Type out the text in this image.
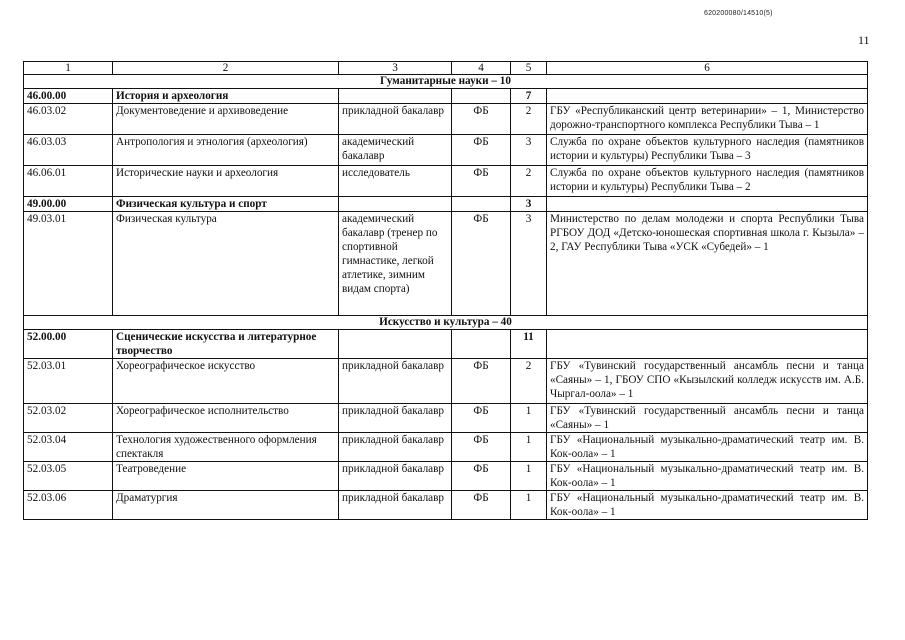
620200080/14510(5)
11
1	2	3	4	5	6
Гуманитарные науки – 10					
46.00.00	История и археология			7	
46.03.02	Документоведение и архивоведение	прикладной бакалавр	ФБ	2	ГБУ «Республиканский центр ветеринарии» – 1, Министерство дорожно-транспортного комплекса Республики Тыва – 1
46.03.03	Антропология и этнология (археология)	академический бакалавр	ФБ	3	Служба по охране объектов культурного наследия (памятников истории и культуры) Республики Тыва – 3
46.06.01	Исторические науки и археология	исследователь	ФБ	2	Служба по охране объектов культурного наследия (памятников истории и культуры) Республики Тыва – 2
49.00.00	Физическая культура и спорт			3	
49.03.01	Физическая культура	академический бакалавр (тренер по спортивной гимнастике, легкой атлетике, зимним видам спорта)	ФБ	3	Министерство по делам молодежи и спорта Республики Тыва РГБОУ ДОД «Детско-юношеская спортивная школа г. Кызыла» – 2, ГАУ Республики Тыва «УСК «Субедей» – 1
Искусство и культура – 40					
52.00.00	Сценические искусства и литературное творчество			11	
52.03.01	Хореографическое искусство	прикладной бакалавр	ФБ	2	ГБУ «Тувинский государственный ансамбль песни и танца «Саяны» – 1, ГБОУ СПО «Кызылский колледж искусств им. А.Б. Чыргал-оола» – 1
52.03.02	Хореографическое исполнительство	прикладной бакалавр	ФБ	1	ГБУ «Тувинский государственный ансамбль песни и танца «Саяны» – 1
52.03.04	Технология художественного оформления спектакля	прикладной бакалавр	ФБ	1	ГБУ «Национальный музыкально-драматический театр им. В. Кок-оола» – 1
52.03.05	Театроведение	прикладной бакалавр	ФБ	1	ГБУ «Национальный музыкально-драматический театр им. В. Кок-оола» – 1
52.03.06	Драматургия	прикладной бакалавр	ФБ	1	ГБУ «Национальный музыкально-драматический театр им. В. Кок-оола» – 1
